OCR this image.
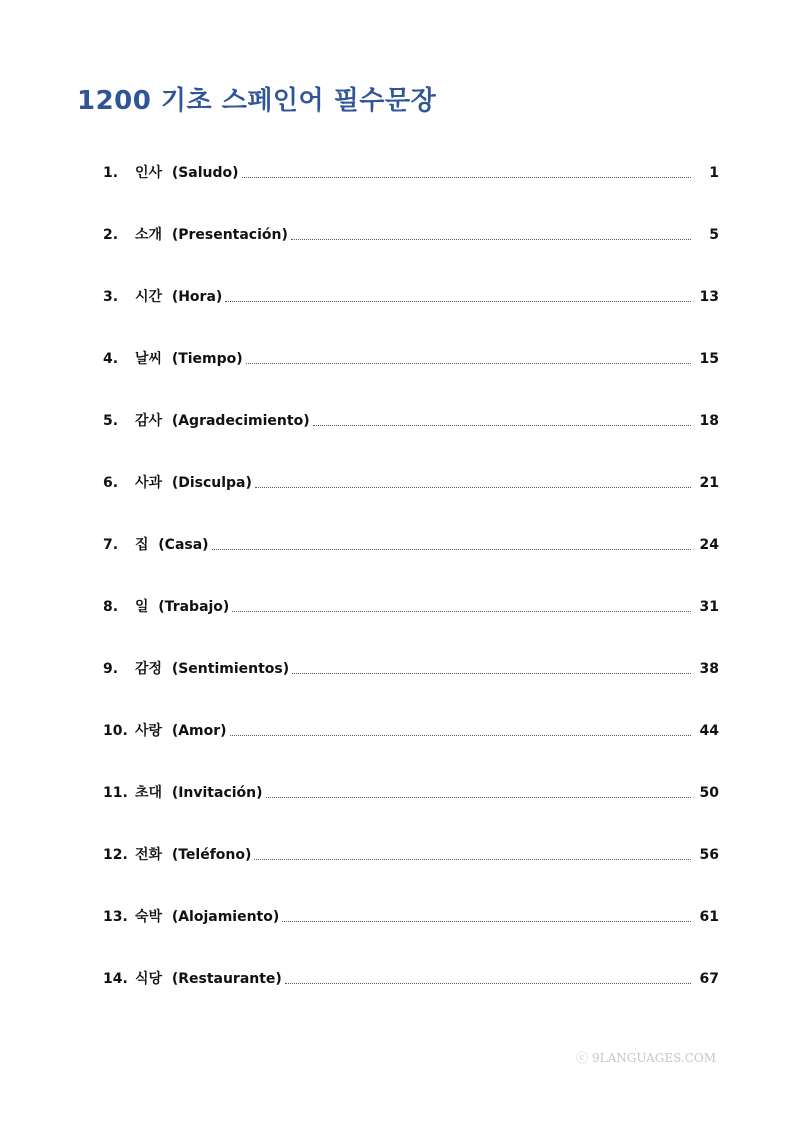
1200 기초 스페인어 필수문장
1.	인사 (Saludo)	1
2.	소개 (Presentación)	5
3.	시간 (Hora)	13
4.	날씨 (Tiempo)	15
5.	감사 (Agradecimiento)	18
6.	사과 (Disculpa)	21
7.	집 (Casa)	24
8.	일 (Trabajo)	31
9.	감정 (Sentimientos)	38
10. 사랑 (Amor)	44
11. 초대 (Invitación)	50
12. 전화 (Teléfono)	56
13. 숙박 (Alojamiento)	61
14. 식당 (Restaurante)	67
ⓒ 9LANGUAGES.COM
